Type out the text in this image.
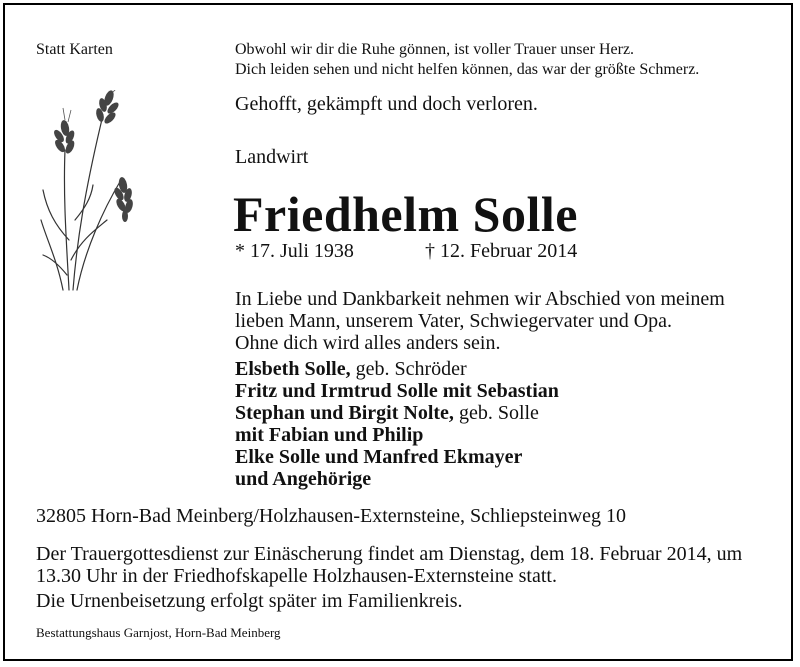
Statt Karten	Obwohl wir dir die Ruhe gönnen, ist voller Trauer unser Herz.
Dich leiden sehen und nicht helfen können, das war der größte Schmerz.
Gehofft, gekämpft und doch verloren.
Landwirt
Friedhelm Solle
* 17. Juli 1938	† 12. Februar 2014
In Liebe und Dankbarkeit nehmen wir Abschied von meinem
lieben Mann, unserem Vater, Schwiegervater und Opa.
Ohne dich wird alles anders sein.
Elsbeth Solle, geb. Schröder
Fritz und Irmtrud Solle mit Sebastian
Stephan und Birgit Nolte, geb. Solle
mit Fabian und Philip
Elke Solle und Manfred Ekmayer
und Angehörige
32805 Horn-Bad Meinberg/Holzhausen-Externsteine, Schliepsteinweg 10
Der Trauergottesdienst zur Einäscherung findet am Dienstag, dem 18. Februar 2014, um
13.30 Uhr in der Friedhofskapelle Holzhausen-Externsteine statt.
Die Urnenbeisetzung erfolgt später im Familienkreis.
Bestattungshaus Garnjost, Horn-Bad Meinberg
